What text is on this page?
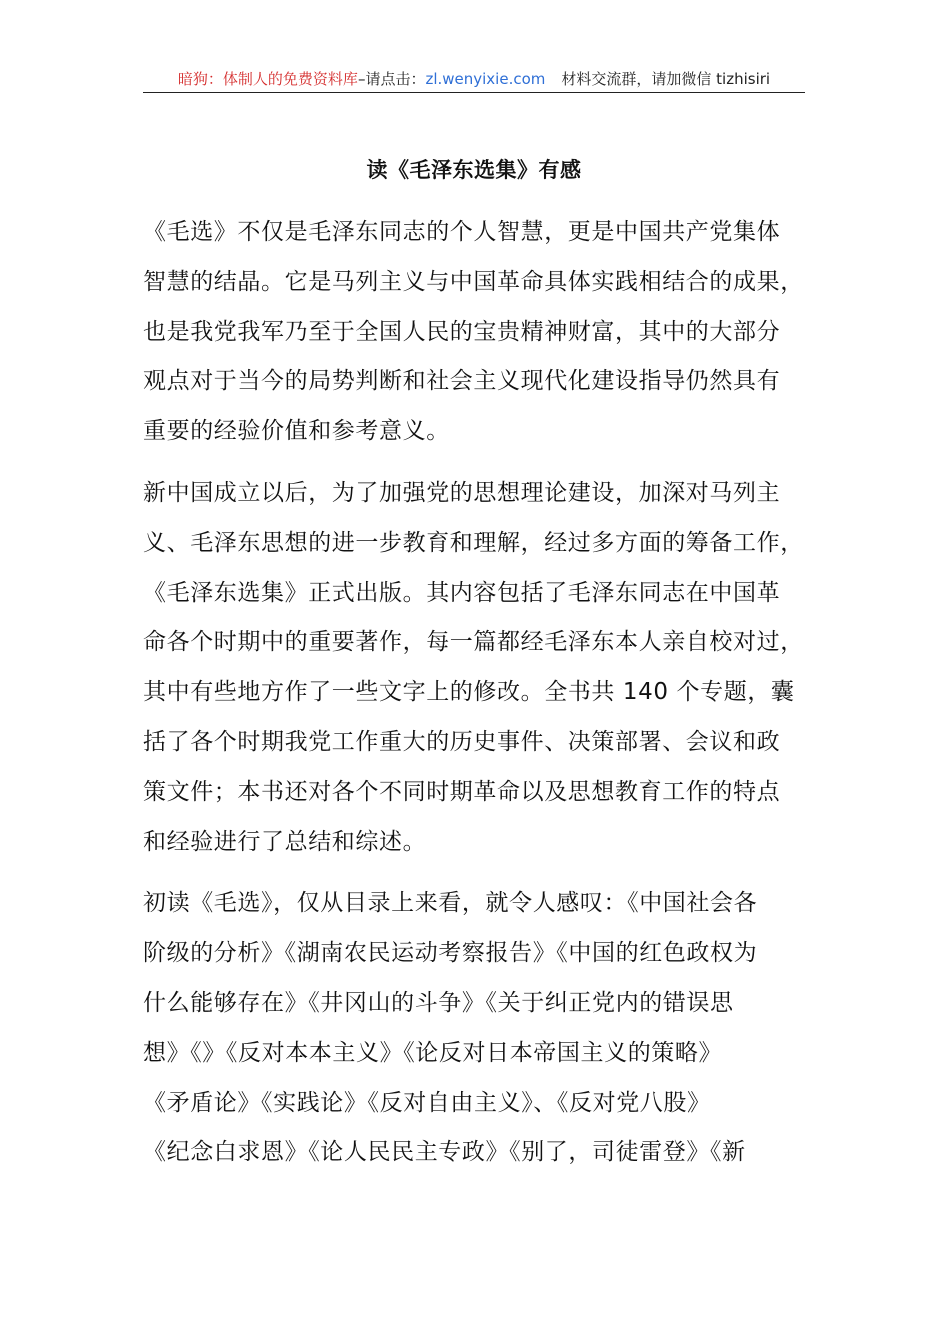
暗狗：体制人的免费资料库–请点击：zl.wenyixie.com 材料交流群，请加微信 tizhisiri
读《毛泽东选集》有感
《毛选》不仅是毛泽东同志的个人智慧，更是中国共产党集体
智慧的结晶。它是马列主义与中国革命具体实践相结合的成果，
也是我党我军乃至于全国人民的宝贵精神财富，其中的大部分
观点对于当今的局势判断和社会主义现代化建设指导仍然具有
重要的经验价值和参考意义。
新中国成立以后，为了加强党的思想理论建设，加深对马列主
义、毛泽东思想的进一步教育和理解，经过多方面的筹备工作，
《毛泽东选集》正式出版。其内容包括了毛泽东同志在中国革
命各个时期中的重要著作，每一篇都经毛泽东本人亲自校对过，
其中有些地方作了一些文字上的修改。全书共 140 个专题，囊
括了各个时期我党工作重大的历史事件、决策部署、会议和政
策文件；本书还对各个不同时期革命以及思想教育工作的特点
和经验进行了总结和综述。
初读《毛选》，仅从目录上来看，就令人感叹：《中国社会各
阶级的分析》《湖南农民运动考察报告》《中国的红色政权为
什么能够存在》《井冈山的斗争》《关于纠正党内的错误思
想》《》《反对本本主义》《论反对日本帝国主义的策略》
《矛盾论》《实践论》《反对自由主义》、《反对党八股》
《纪念白求恩》《论人民民主专政》《别了，司徒雷登》《新
